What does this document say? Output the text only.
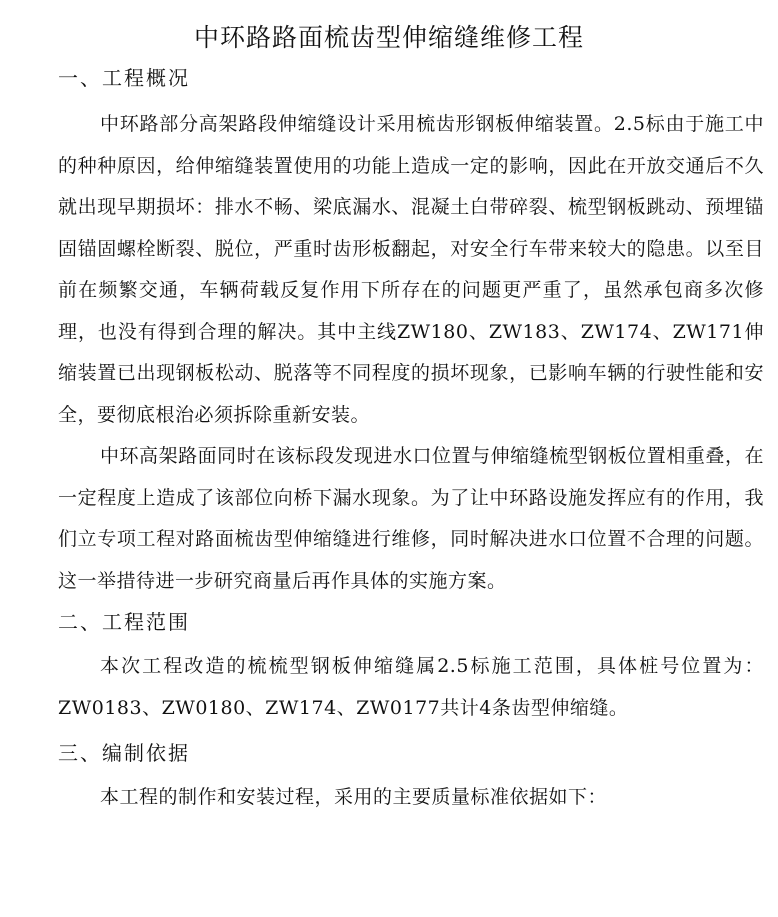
中环路路面梳齿型伸缩缝维修工程
一、工程概况

中环路部分高架路段伸缩缝设计采用梳齿形钢板伸缩装置。2.5标由于施工中的种种原因，给伸缩缝装置使用的功能上造成一定的影响，因此在开放交通后不久就出现早期损坏：排水不畅、梁底漏水、混凝土白带碎裂、梳型钢板跳动、预埋锚固锚固螺栓断裂、脱位，严重时齿形板翻起，对安全行车带来较大的隐患。以至目前在频繁交通，车辆荷载反复作用下所存在的问题更严重了，虽然承包商多次修理，也没有得到合理的解决。其中主线ZW180、ZW183、ZW174、ZW171伸缩装置已出现钢板松动、脱落等不同程度的损坏现象，已影响车辆的行驶性能和安全，要彻底根治必须拆除重新安装。

中环高架路面同时在该标段发现进水口位置与伸缩缝梳型钢板位置相重叠，在一定程度上造成了该部位向桥下漏水现象。为了让中环路设施发挥应有的作用，我们立专项工程对路面梳齿型伸缩缝进行维修，同时解决进水口位置不合理的问题。这一举措待进一步研究商量后再作具体的实施方案。

二、工程范围

本次工程改造的梳梳型钢板伸缩缝属2.5标施工范围，具体桩号位置为：ZW0183、ZW0180、ZW174、ZW0177共计4条齿型伸缩缝。

三、编制依据

本工程的制作和安装过程，采用的主要质量标准依据如下：
